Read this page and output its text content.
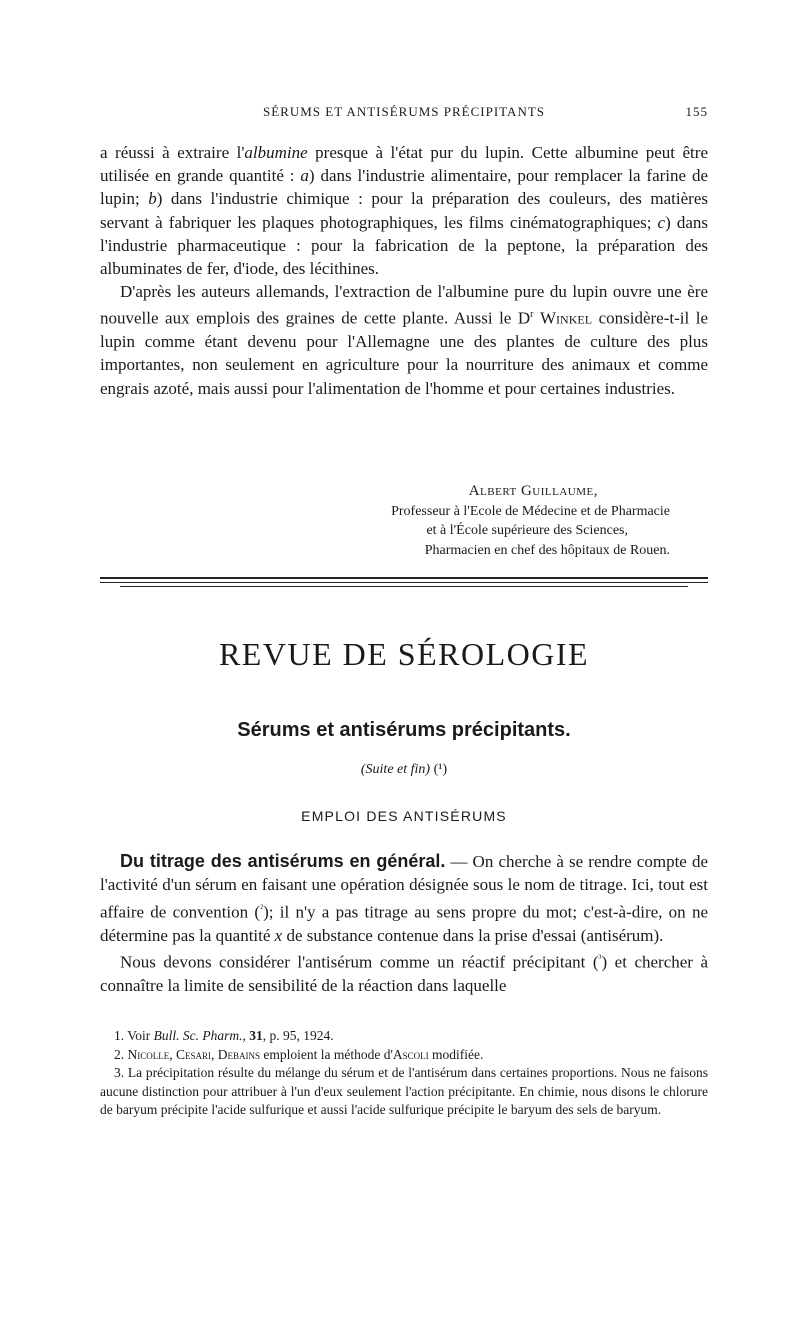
SÉRUMS ET ANTISÉRUMS PRÉCIPITANTS	155

a réussi à extraire l'albumine presque à l'état pur du lupin. Cette albumine peut être utilisée en grande quantité : a) dans l'industrie alimentaire, pour remplacer la farine de lupin; b) dans l'industrie chimique : pour la préparation des couleurs, des matières servant à fabriquer les plaques photographiques, les films cinématographiques; c) dans l'industrie pharmaceutique : pour la fabrication de la peptone, la préparation des albuminates de fer, d'iode, des lécithines.

D'après les auteurs allemands, l'extraction de l'albumine pure du lupin ouvre une ère nouvelle aux emplois des graines de cette plante. Aussi le $D^r$ Winkel considère-t-il le lupin comme étant devenu pour l'Allemagne une des plantes de culture des plus importantes, non seulement en agriculture pour la nourriture des animaux et comme engrais azoté, mais aussi pour l'alimentation de l'homme et pour certaines industries.

Albert Guillaume,
Professeur à l'Ecole de Médecine et de Pharmacie
et à l'École supérieure des Sciences,
Pharmacien en chef des hôpitaux de Rouen.
REVUE DE SÉROLOGIE
Sérums et antisérums précipitants.
(Suite et fin) (¹)
EMPLOI DES ANTISÉRUMS

Du titrage des antisérums en général. — On cherche à se rendre compte de l'activité d'un sérum en faisant une opération désignée sous le nom de titrage. Ici, tout est affaire de convention ($^{^2}$); il n'y a pas titrage au sens propre du mot; c'est-à-dire, on ne détermine pas la quantité x de substance contenue dans la prise d'essai (antisérum).

Nous devons considérer l'antisérum comme un réactif précipitant ($^{^3}$) et chercher à connaître la limite de sensibilité de la réaction dans laquelle

1. Voir Bull. Sc. Pharm., 31, p. 95, 1924.

2. Nicolle, Cesari, Debains emploient la méthode d'Ascoli modifiée.

3. La précipitation résulte du mélange du sérum et de l'antisérum dans certaines proportions. Nous ne faisons aucune distinction pour attribuer à l'un d'eux seulement l'action précipitante. En chimie, nous disons le chlorure de baryum précipite l'acide sulfurique et aussi l'acide sulfurique précipite le baryum des sels de baryum.
